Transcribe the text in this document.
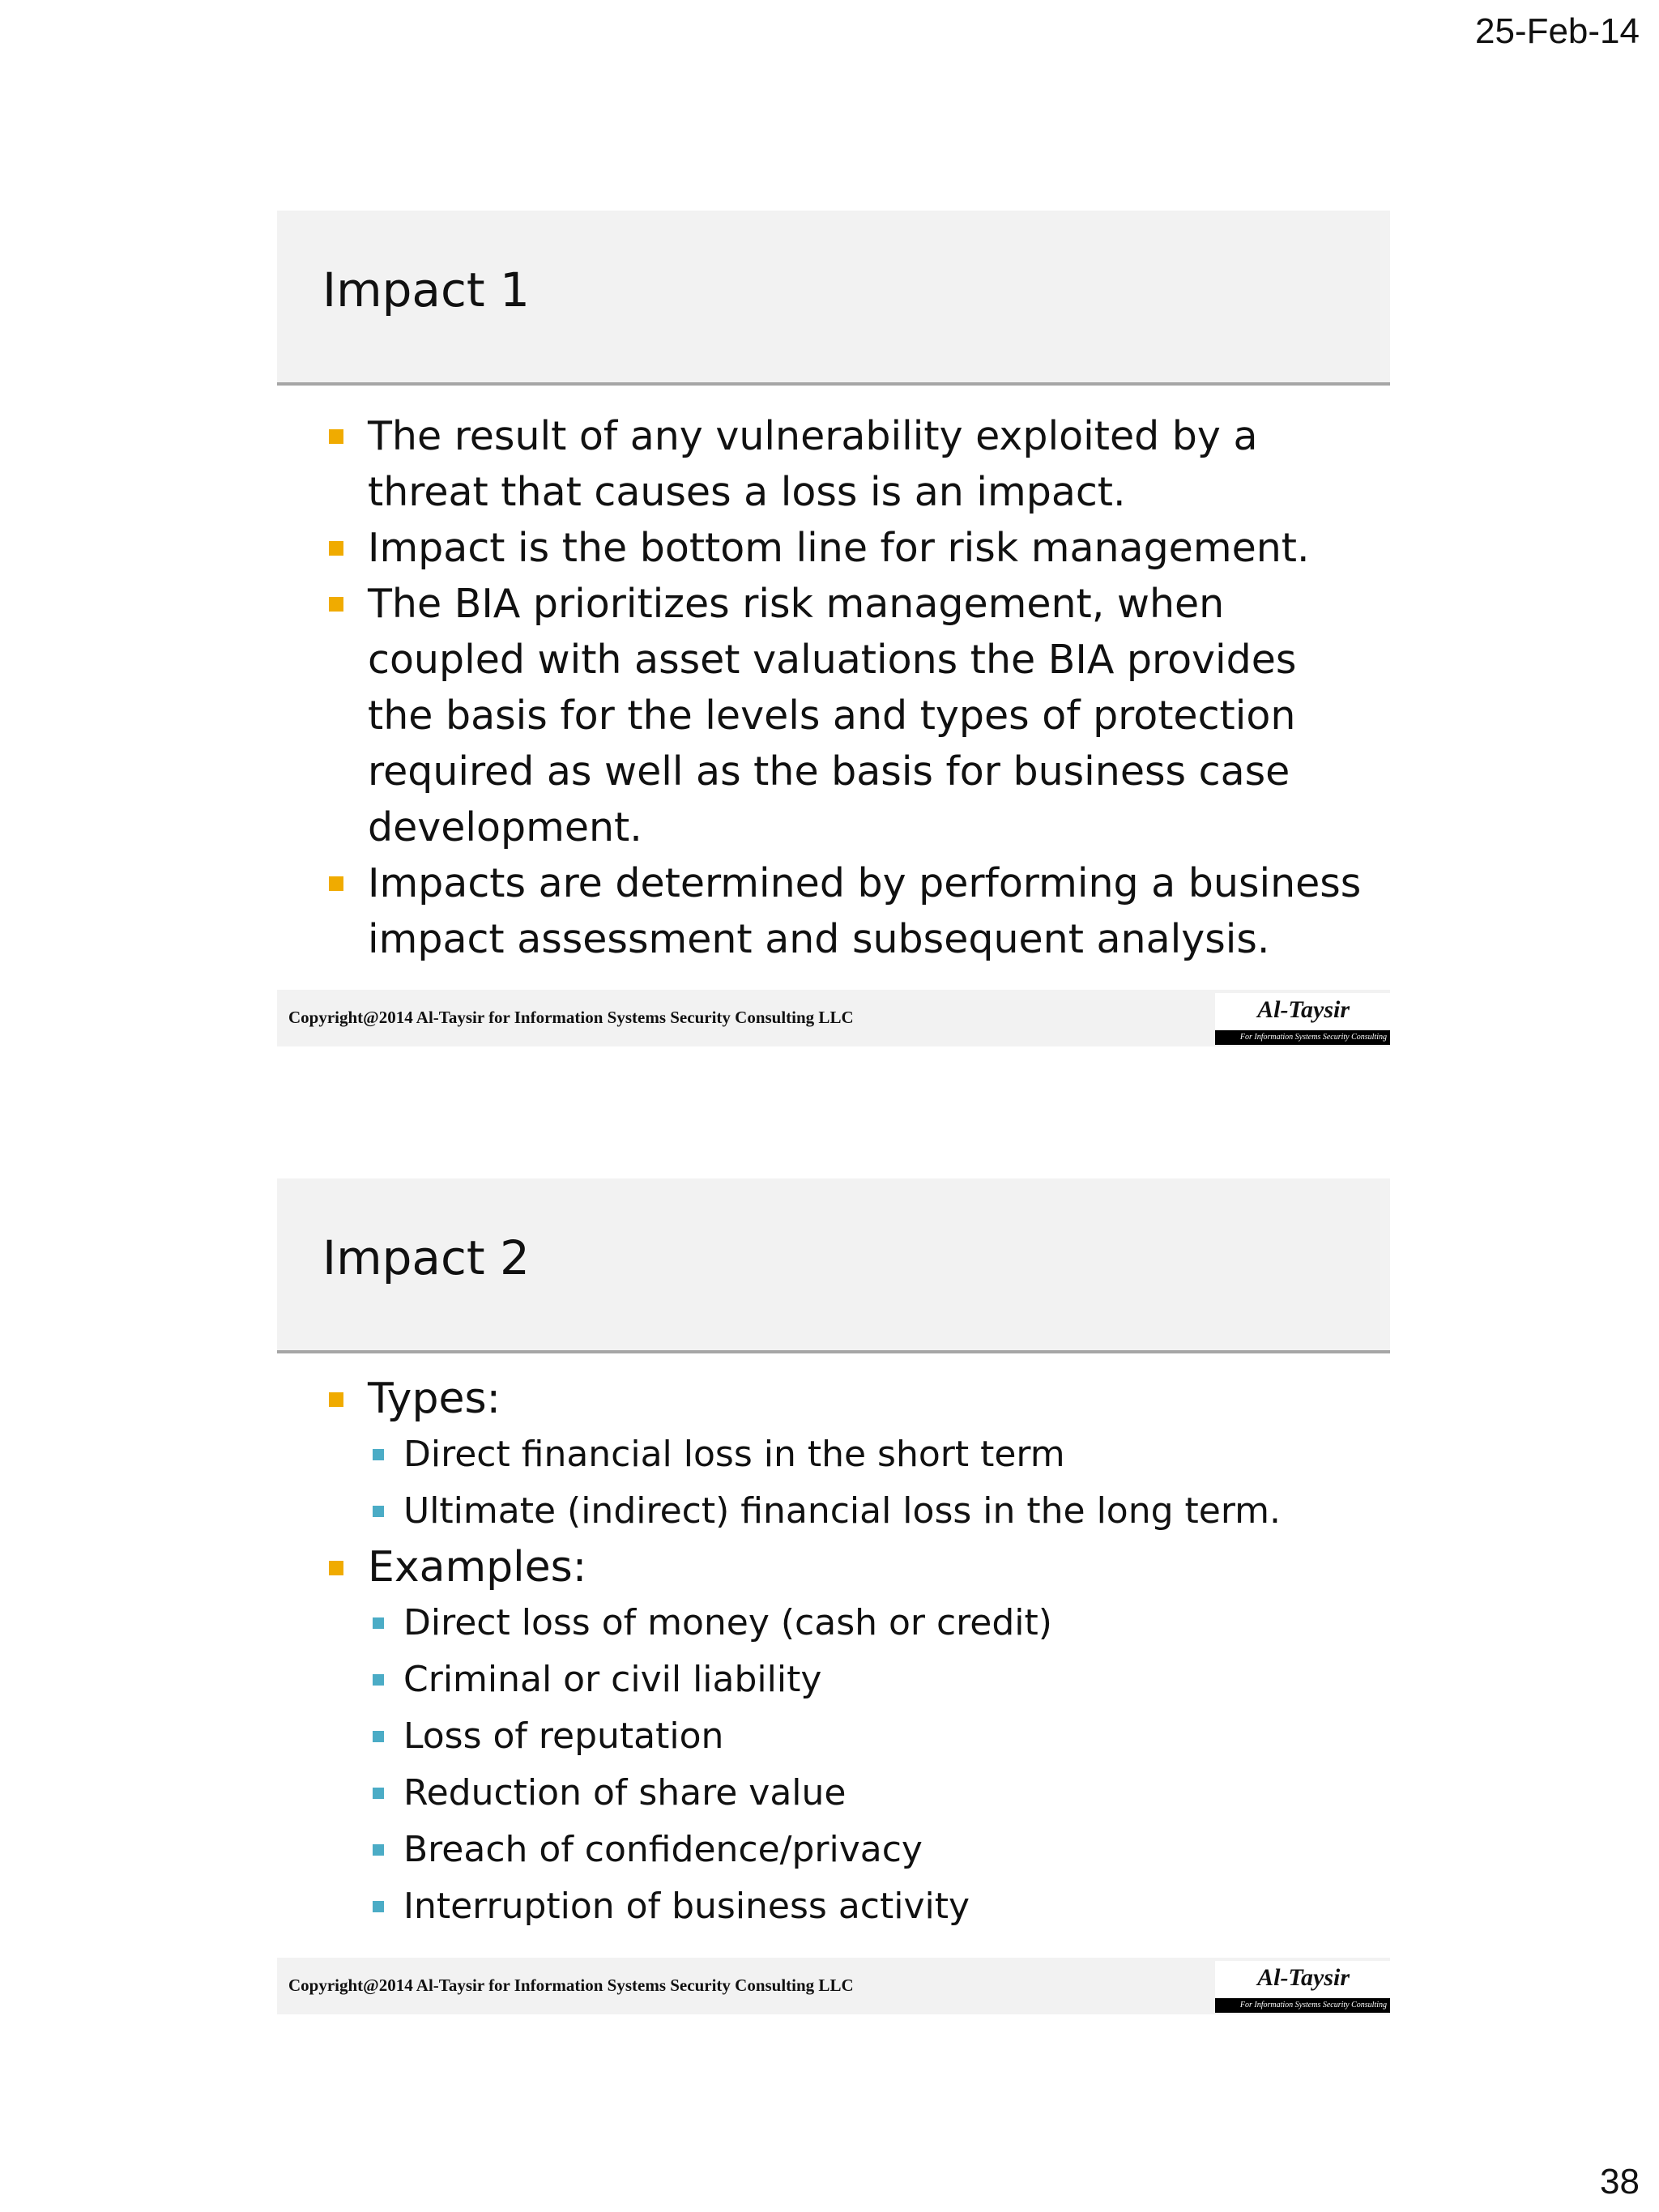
25-Feb-14
Impact 1
The result of any vulnerability exploited by a threat that causes a loss is an impact.
Impact is the bottom line for risk management.
The BIA prioritizes risk management, when coupled with asset valuations the BIA provides the basis for the levels and types of protection required as well as the basis for business case development.
Impacts are determined by performing a business impact assessment and subsequent analysis.
Copyright@2014 Al-Taysir for Information Systems Security Consulting LLC	Al-Taysir
For Information Systems Security Consulting
Impact 2
Types:
Direct financial loss in the short term
Ultimate (indirect) financial loss in the long term.
Examples:
Direct loss of money (cash or credit)
Criminal or civil liability
Loss of reputation
Reduction of share value
Breach of confidence/privacy
Interruption of business activity
Copyright@2014 Al-Taysir for Information Systems Security Consulting LLC	Al-Taysir
For Information Systems Security Consulting
38
